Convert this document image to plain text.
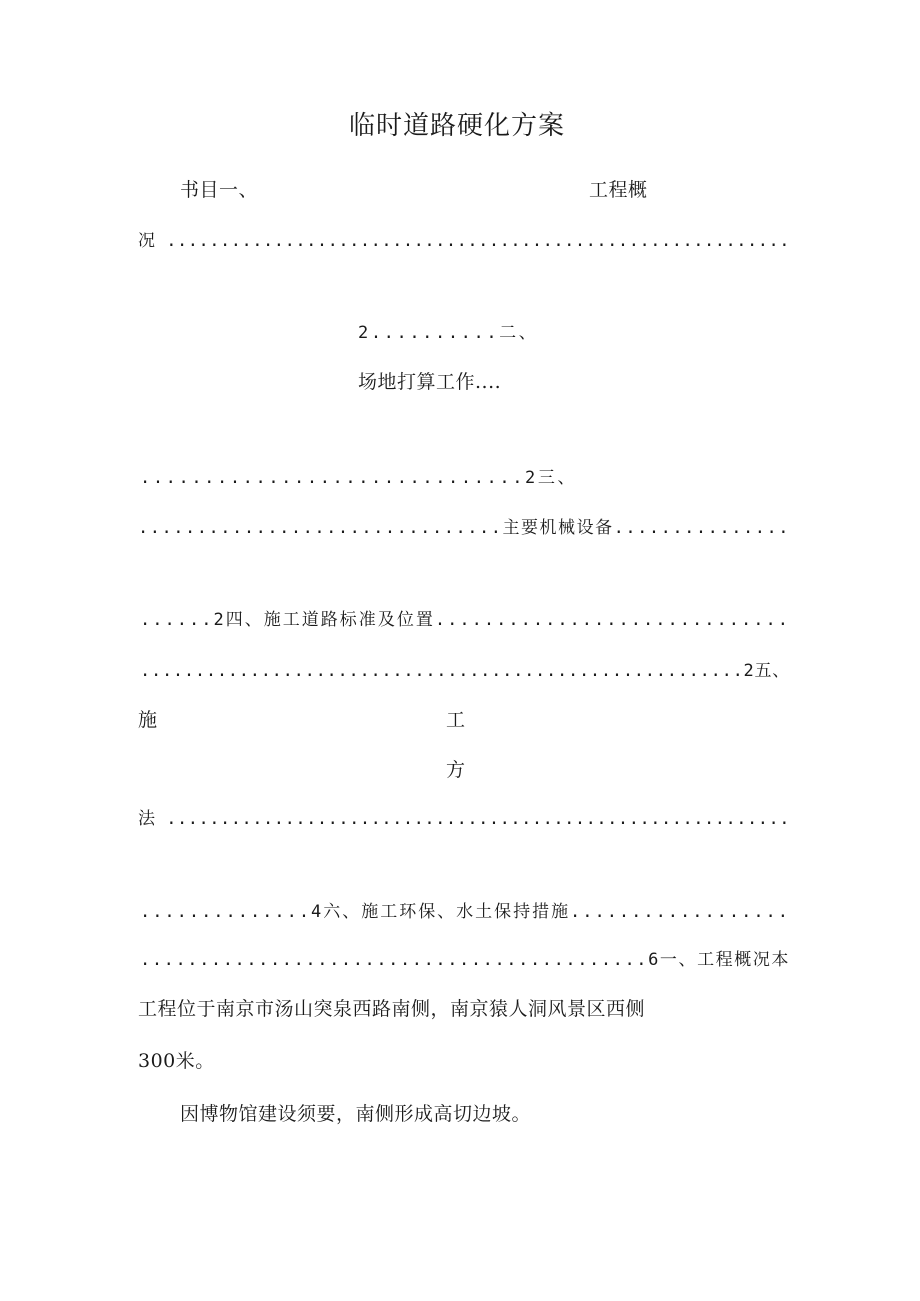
临时道路硬化方案
书目一、	工程概
况 ..........................................................
2..........二、
场地打算工作....
..............................2三、
...............................主要机械设备...............
......2四、施工道路标准及位置.............................
.......................................................2五、
施	工
方
法 ..........................................................
..............4六、施工环保、水土保持措施..................
...........................................6一、工程概况本
工程位于南京市汤山突泉西路南侧，南京猿人洞风景区西侧
300米。
因博物馆建设须要，南侧形成高切边坡。
